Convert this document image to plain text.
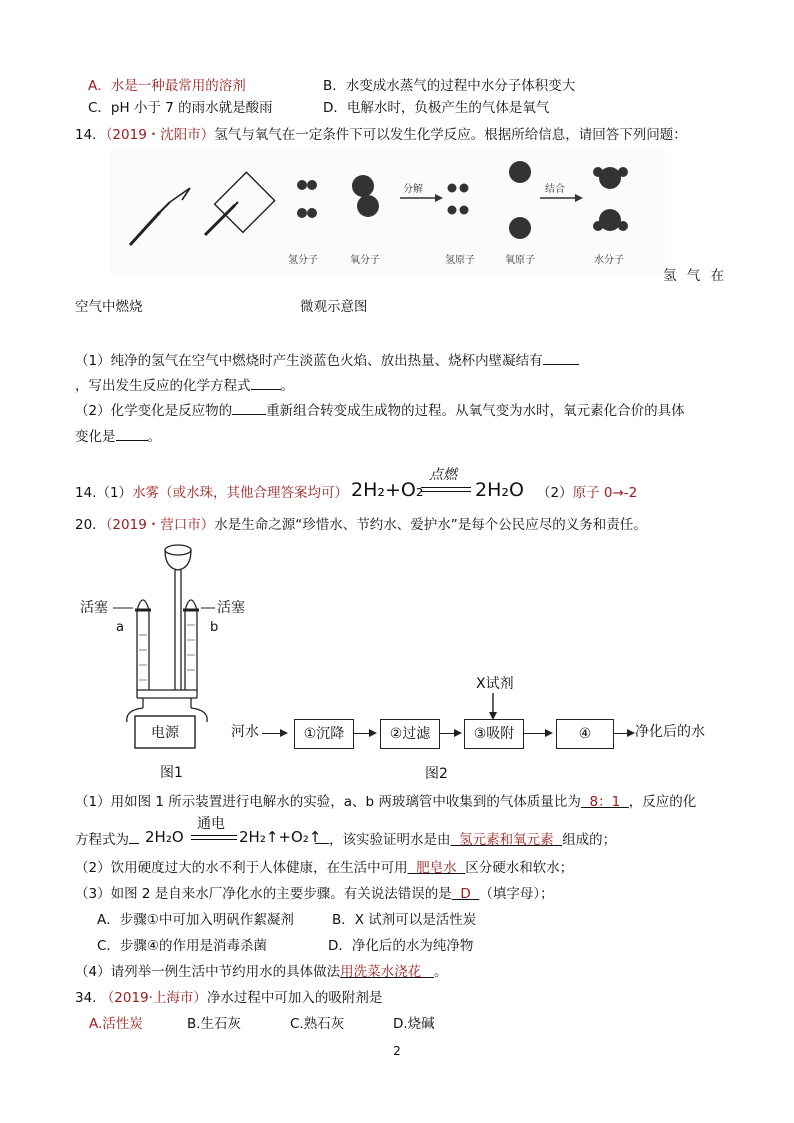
A．水是一种最常用的溶剂	B．水变成水蒸气的过程中水分子体积变大
C．pH 小于 7 的雨水就是酸雨	D．电解水时，负极产生的气体是氧气
14．（2019・沈阳市）氢气与氧气在一定条件下可以发生化学反应。根据所给信息，请回答下列问题：
分解	结合
氢分子	氧分子	氢原子	氧原子	水分子
氢 气 在
空气中燃烧	微观示意图
（1）纯净的氢气在空气中燃烧时产生淡蓝色火焰、放出热量、烧杯内壁凝结有
，写出发生反应的化学方程式 。
（2）化学变化是反应物的	重新组合转变成生成物的过程。从氧气变为水时，氧元素化合价的具体
变化是 。
14.（1）水雾（或水珠，其他合理答案均可） 2H₂+O₂
点燃
2H₂O （2）原子 0→-2
20．（2019・营口市）水是生命之源“珍惜水、节约水、爱护水”是每个公民应尽的义务和责任。
电源
活塞	活塞
a	b
图1
河水	①沉降	②过滤	③吸附	④	净化后的水
X试剂
图2
（1）用如图 1 所示装置进行电解水的实验，a、b 两玻璃管中收集到的气体质量比为 8：1 ，反应的化
方程式为	2H₂O
通电
2H₂↑+O₂↑ ，该实验证明水是由 氢元素和氧元素 组成的；
（2）饮用硬度过大的水不利于人体健康，在生活中可用 肥皂水 区分硬水和软水；
（3）如图 2 是自来水厂净化水的主要步骤。有关说法错误的是 D （填字母）；
A．步骤①中可加入明矾作絮凝剂	B．X 试剂可以是活性炭
C．步骤④的作用是消毒杀菌	D．净化后的水为纯净物
（4）请列举一例生活中节约用水的具体做法用洗菜水浇花 。
34. （2019·上海市）净水过程中可加入的吸附剂是
A.活性炭	B.生石灰	C.熟石灰	D.烧碱
2
